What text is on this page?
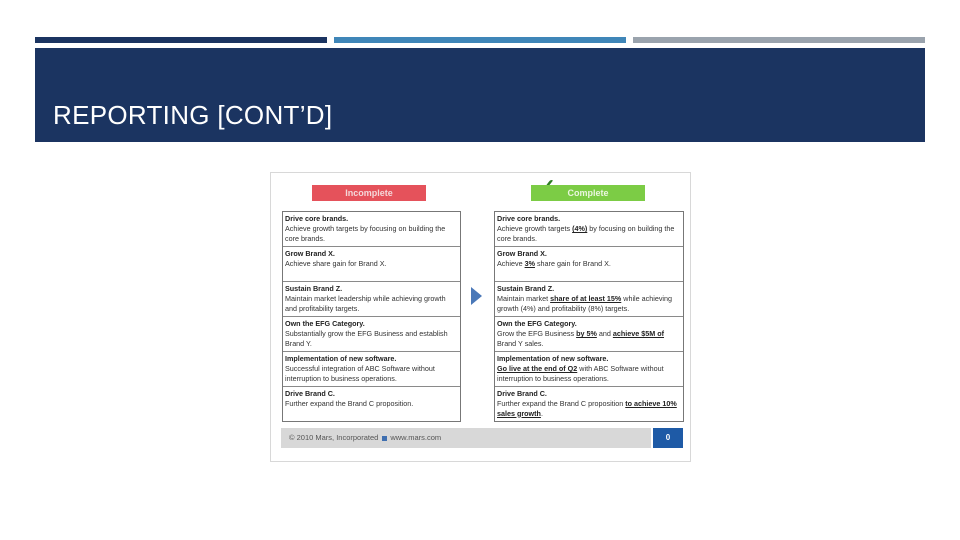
REPORTING [CONT’D]
Incomplete	Complete
Drive core brands.
Achieve growth targets by focusing on building the core brands.
Grow Brand X.
Achieve share gain for Brand X.
Sustain Brand Z.
Maintain market leadership while achieving growth and profitability targets.
Own the EFG Category.
Substantially grow the EFG Business and establish Brand Y.
Implementation of new software.
Successful integration of ABC Software without interruption to business operations.
Drive Brand C.
Further expand the Brand C proposition.
Drive core brands.
Achieve growth targets (4%) by focusing on building the core brands.
Grow Brand X.
Achieve 3% share gain for Brand X.
Sustain Brand Z.
Maintain market share of at least 15% while achieving growth (4%) and profitability (8%) targets.
Own the EFG Category.
Grow the EFG Business by 5% and achieve $5M of Brand Y sales.
Implementation of new software.
Go live at the end of Q2 with ABC Software without interruption to business operations.
Drive Brand C.
Further expand the Brand C proposition to achieve 10% sales growth.
© 2010 Mars, Incorporated www.mars.com	0
